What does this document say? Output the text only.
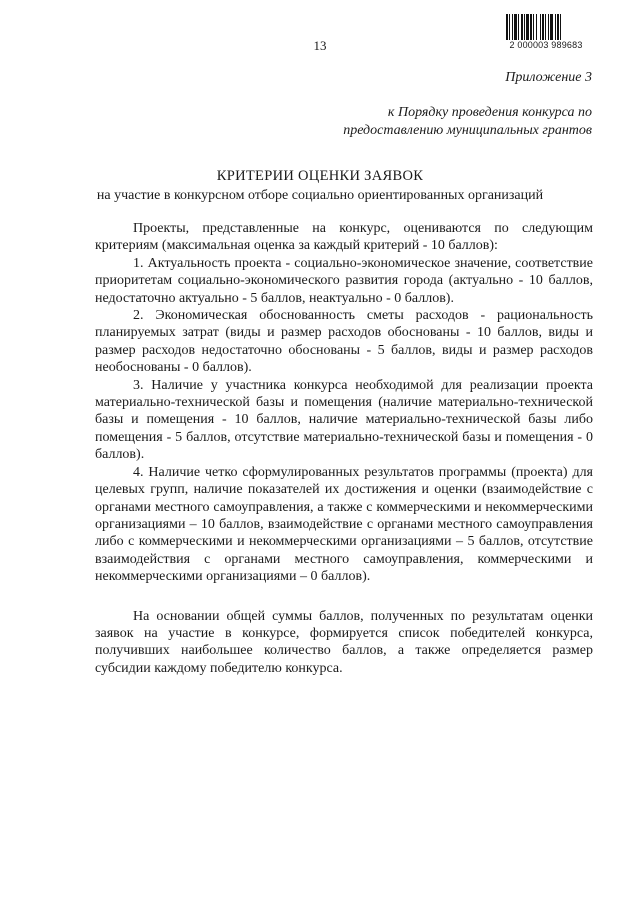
13	2 000003 989683
Приложение 3
к Порядку проведения конкурса по
предоставлению муниципальных грантов
КРИТЕРИИ ОЦЕНКИ ЗАЯВОК
на участие в конкурсном отборе социально ориентированных организаций

Проекты, представленные на конкурс, оцениваются по следующим критериям (максимальная оценка за каждый критерий - 10 баллов):

1. Актуальность проекта - социально-экономическое значение, соответствие приоритетам социально-экономического развития города (актуально - 10 баллов, недостаточно актуально - 5 баллов, неактуально - 0 баллов).

2. Экономическая обоснованность сметы расходов - рациональность планируемых затрат (виды и размер расходов обоснованы - 10 баллов, виды и размер расходов недостаточно обоснованы - 5 баллов, виды и размер расходов необоснованы - 0 баллов).

3. Наличие у участника конкурса необходимой для реализации проекта материально-технической базы и помещения (наличие материально-технической базы и помещения - 10 баллов, наличие материально-технической базы либо помещения - 5 баллов, отсутствие материально-технической базы и помещения - 0 баллов).

4. Наличие четко сформулированных результатов программы (проекта) для целевых групп, наличие показателей их достижения и оценки (взаимодействие с органами местного самоуправления, а также с коммерческими и некоммерческими организациями – 10 баллов, взаимодействие с органами местного самоуправления либо с коммерческими и некоммерческими организациями – 5 баллов, отсутствие взаимодействия с органами местного самоуправления, коммерческими и некоммерческими организациями – 0 баллов).

На основании общей суммы баллов, полученных по результатам оценки заявок на участие в конкурсе, формируется список победителей конкурса, получивших наибольшее количество баллов, а также определяется размер субсидии каждому победителю конкурса.
